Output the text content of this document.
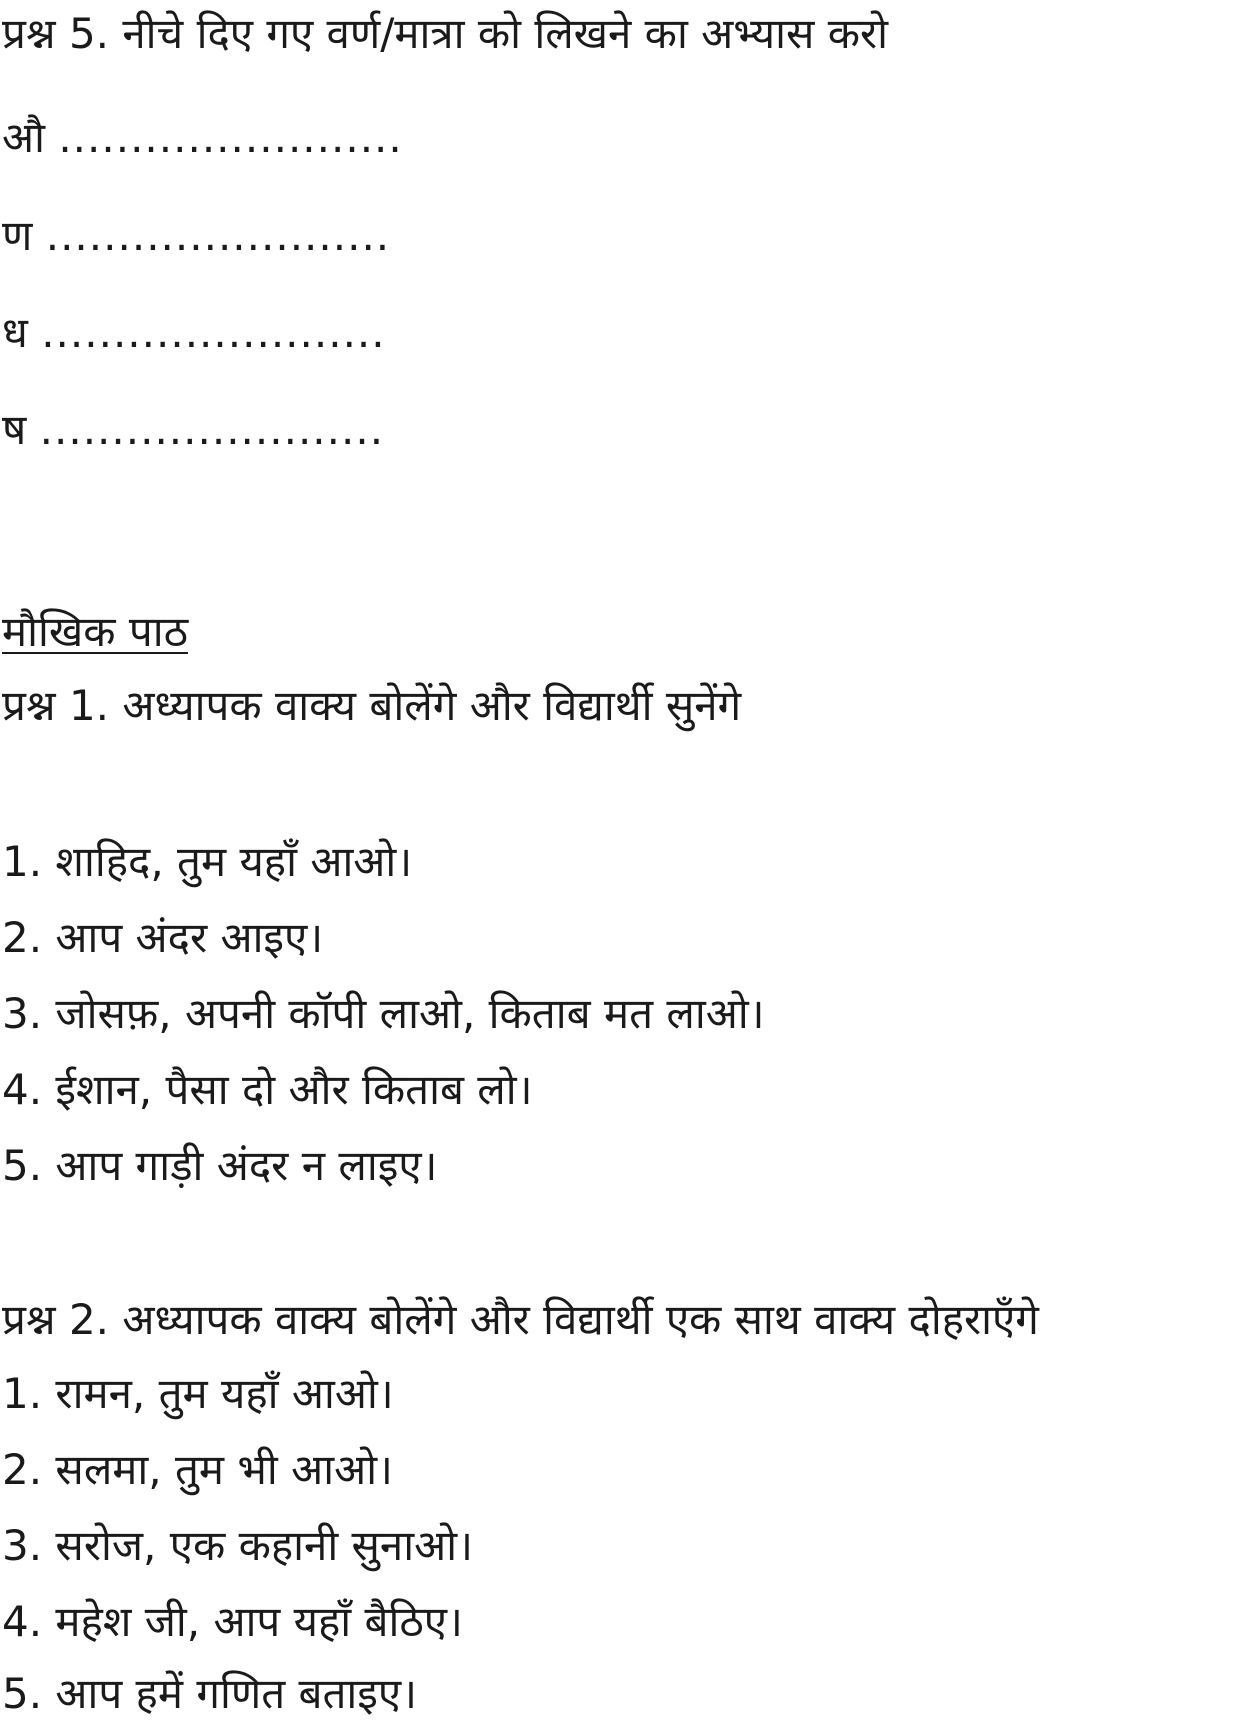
प्रश्न 5. नीचे दिए गए वर्ण/मात्रा को लिखने का अभ्यास करो

औ ........................

ण ........................

ध ........................

ष ........................

मौखिक पाठ

प्रश्न 1. अध्यापक वाक्य बोलेंगे और विद्यार्थी सुनेंगे

1. शाहिद, तुम यहाँ आओ।

2. आप अंदर आइए।

3. जोसफ़, अपनी कॉपी लाओ, किताब मत लाओ।

4. ईशान, पैसा दो और किताब लो।

5. आप गाड़ी अंदर न लाइए।

प्रश्न 2. अध्यापक वाक्य बोलेंगे और विद्यार्थी एक साथ वाक्य दोहराएँगे

1. रामन, तुम यहाँ आओ।

2. सलमा, तुम भी आओ।

3. सरोज, एक कहानी सुनाओ।

4. महेश जी, आप यहाँ बैठिए।

5. आप हमें गणित बताइए।
